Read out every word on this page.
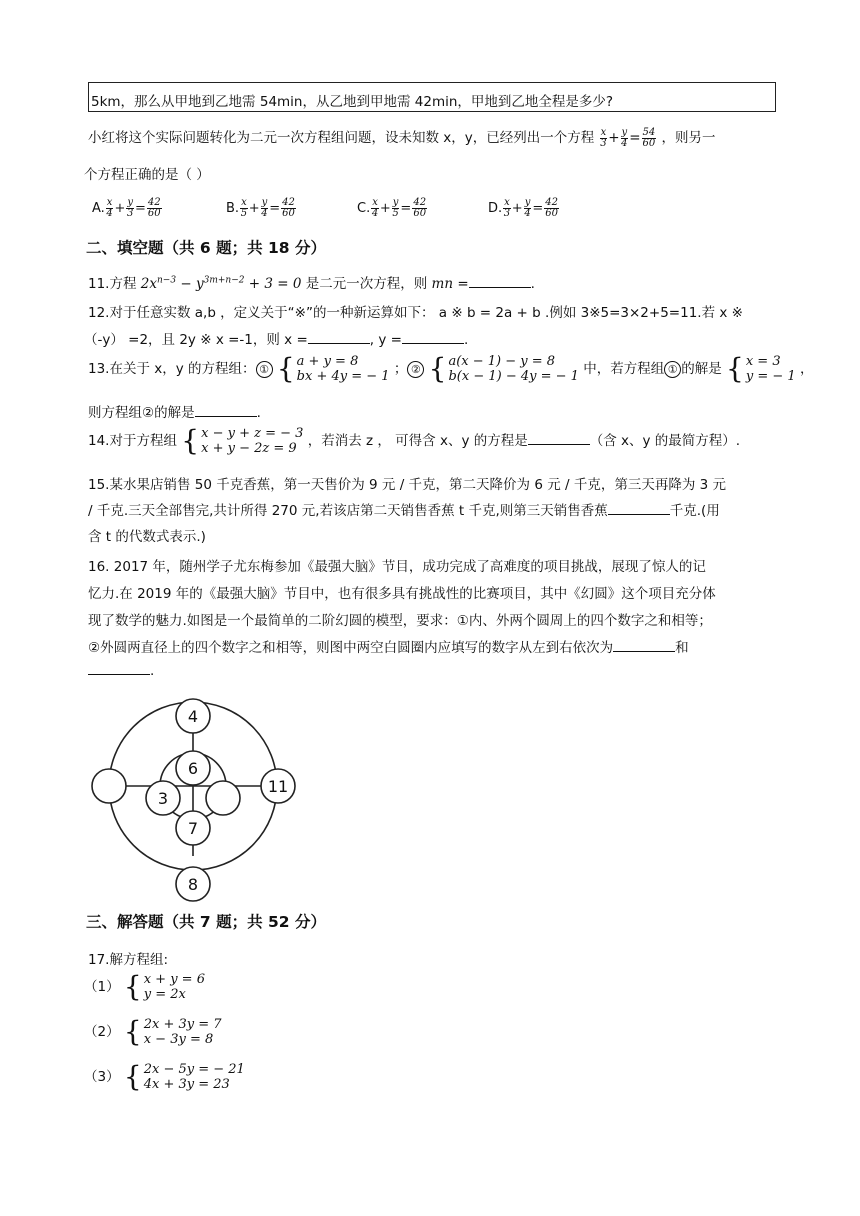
5km，那么从甲地到乙地需 54min，从乙地到甲地需 42min，甲地到乙地全程是多少?
小红将这个实际问题转化为二元一次方程组问题，设未知数 x，y，已经列出一个方程 $\frac{x}{3} + \frac{y}{4} = \frac{54}{60}$ ，则另一
个方程正确的是（ ）
A. $\frac{x}{4} + \frac{y}{3} = \frac{42}{60}$	B. $\frac{x}{5} + \frac{y}{4} = \frac{42}{60}$	C. $\frac{x}{4} + \frac{y}{5} = \frac{42}{60}$	D. $\frac{x}{3} + \frac{y}{4} = \frac{42}{60}$
二、填空题（共 6 题；共 18 分）
11.方程 $2x^{n-3} - y^{3m+n-2} + 3 = 0$ 是二元一次方程，则 mn =	.
12.对于任意实数 a,b ，定义关于“※”的一种新运算如下： a ※ b = 2a + b .例如 3※5=3×2+5=11.若 x ※
（-y） =2，且 2y ※ x =-1，则 x =	, y =	.
13.在关于 x，y 的方程组： ① { a + y = 8
bx + 4y = − 1 ； ② { a(x − 1) − y = 8
b(x − 1) − 4y = − 1 中，若方程组 ① 的解是 { x = 3
y = − 1 ，
则方程组②的解是	.
14.对于方程组 { x − y + z = − 3
x + y − 2z = 9 ，若消去 z ， 可得含 x、y 的方程是	（含 x、y 的最简方程）.
15.某水果店销售 50 千克香蕉，第一天售价为 9 元 / 千克，第二天降价为 6 元 / 千克，第三天再降为 3 元
/ 千克.三天全部售完,共计所得 270 元,若该店第二天销售香蕉 t 千克,则第三天销售香蕉	千克.(用
含 t 的代数式表示.)
16. 2017 年，随州学子尤东梅参加《最强大脑》节目，成功完成了高难度的项目挑战，展现了惊人的记
忆力.在 2019 年的《最强大脑》节目中，也有很多具有挑战性的比赛项目，其中《幻圆》这个项目充分体
现了数学的魅力.如图是一个最简单的二阶幻圆的模型，要求：①内、外两个圆周上的四个数字之和相等；
②外圆两直径上的四个数字之和相等，则图中两空白圆圈内应填写的数字从左到右依次为	和
.
4
8
11
6
7
3
三、解答题（共 7 题；共 52 分）
17.解方程组:
（1） { x + y = 6
y = 2x
（2） { 2x + 3y = 7
x − 3y = 8
（3） { 2x − 5y = − 21
4x + 3y = 23
